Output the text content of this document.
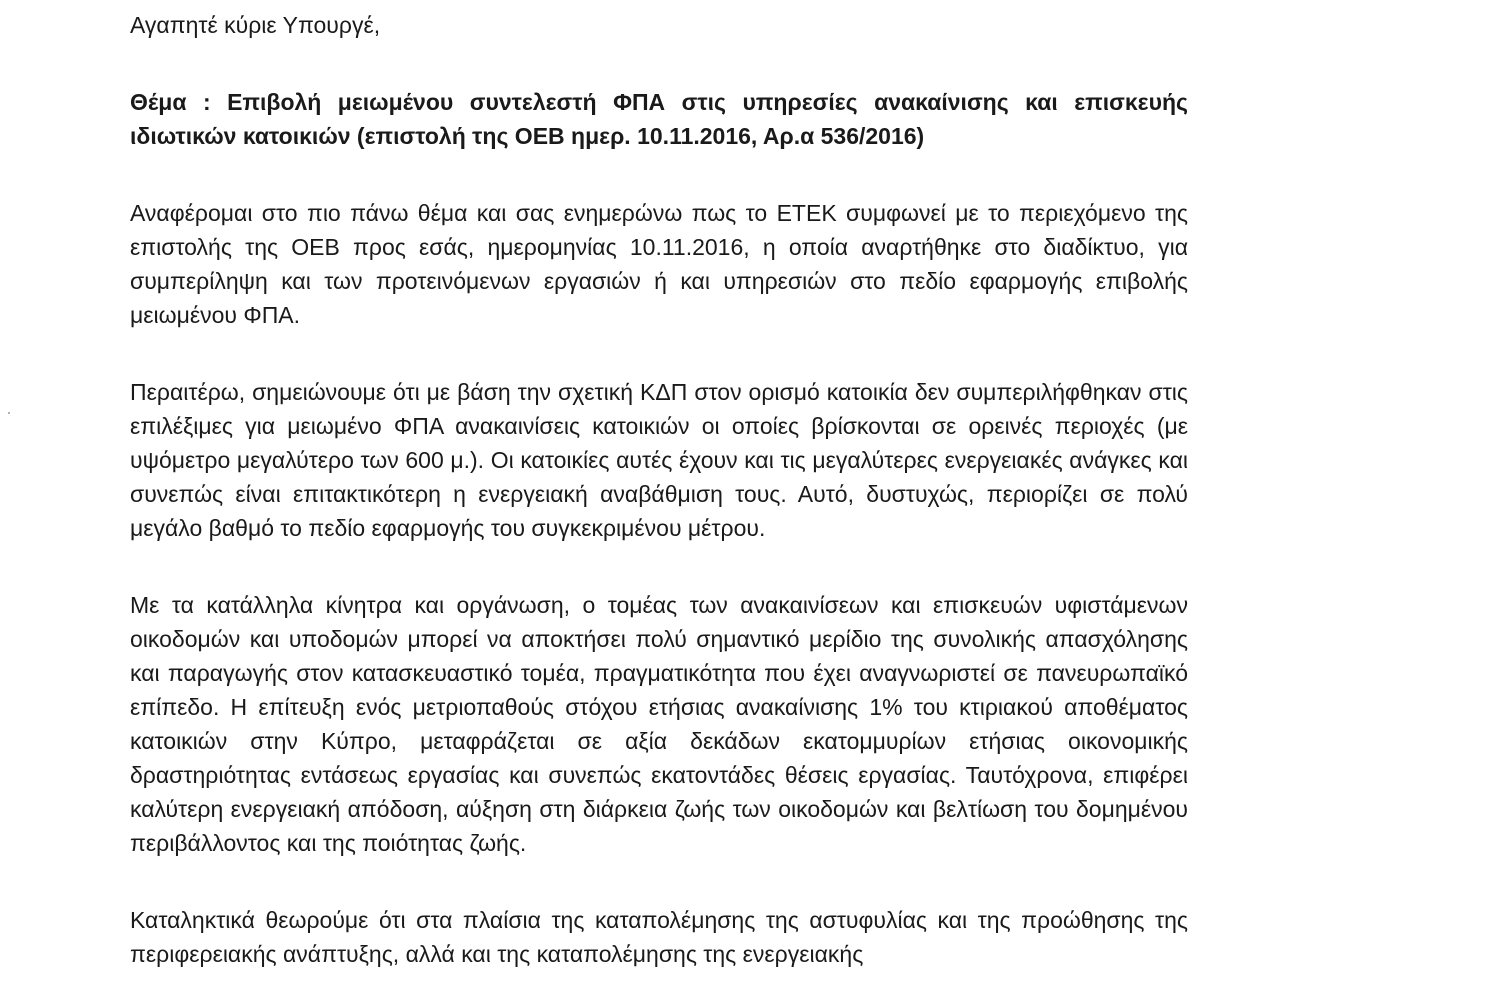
Αγαπητέ κύριε Υπουργέ,

Θέμα : Επιβολή μειωμένου συντελεστή ΦΠΑ στις υπηρεσίες ανακαίνισης και επισκευής ιδιωτικών κατοικιών (επιστολή της ΟΕΒ ημερ. 10.11.2016, Αρ.α 536/2016)

Αναφέρομαι στο πιο πάνω θέμα και σας ενημερώνω πως το ΕΤΕΚ συμφωνεί με το περιεχόμενο της επιστολής της ΟΕΒ προς εσάς, ημερομηνίας 10.11.2016, η οποία αναρτήθηκε στο διαδίκτυο, για συμπερίληψη και των προτεινόμενων εργασιών ή και υπηρεσιών στο πεδίο εφαρμογής επιβολής μειωμένου ΦΠΑ.

Περαιτέρω, σημειώνουμε ότι με βάση την σχετική ΚΔΠ στον ορισμό κατοικία δεν συμπεριλήφθηκαν στις επιλέξιμες για μειωμένο ΦΠΑ ανακαινίσεις κατοικιών οι οποίες βρίσκονται σε ορεινές περιοχές (με υψόμετρο μεγαλύτερο των 600 μ.). Οι κατοικίες αυτές έχουν και τις μεγαλύτερες ενεργειακές ανάγκες και συνεπώς είναι επιτακτικότερη η ενεργειακή αναβάθμιση τους. Αυτό, δυστυχώς, περιορίζει σε πολύ μεγάλο βαθμό το πεδίο εφαρμογής του συγκεκριμένου μέτρου.

Με τα κατάλληλα κίνητρα και οργάνωση, ο τομέας των ανακαινίσεων και επισκευών υφιστάμενων οικοδομών και υποδομών μπορεί να αποκτήσει πολύ σημαντικό μερίδιο της συνολικής απασχόλησης και παραγωγής στον κατασκευαστικό τομέα, πραγματικότητα που έχει αναγνωριστεί σε πανευρωπαϊκό επίπεδο. Η επίτευξη ενός μετριοπαθούς στόχου ετήσιας ανακαίνισης 1% του κτιριακού αποθέματος κατοικιών στην Κύπρο, μεταφράζεται σε αξία δεκάδων εκατομμυρίων ετήσιας οικονομικής δραστηριότητας εντάσεως εργασίας και συνεπώς εκατοντάδες θέσεις εργασίας. Ταυτόχρονα, επιφέρει καλύτερη ενεργειακή απόδοση, αύξηση στη διάρκεια ζωής των οικοδομών και βελτίωση του δομημένου περιβάλλοντος και της ποιότητας ζωής.

Καταληκτικά θεωρούμε ότι στα πλαίσια της καταπολέμησης της αστυφυλίας και της προώθησης της περιφερειακής ανάπτυξης, αλλά και της καταπολέμησης της ενεργειακής
